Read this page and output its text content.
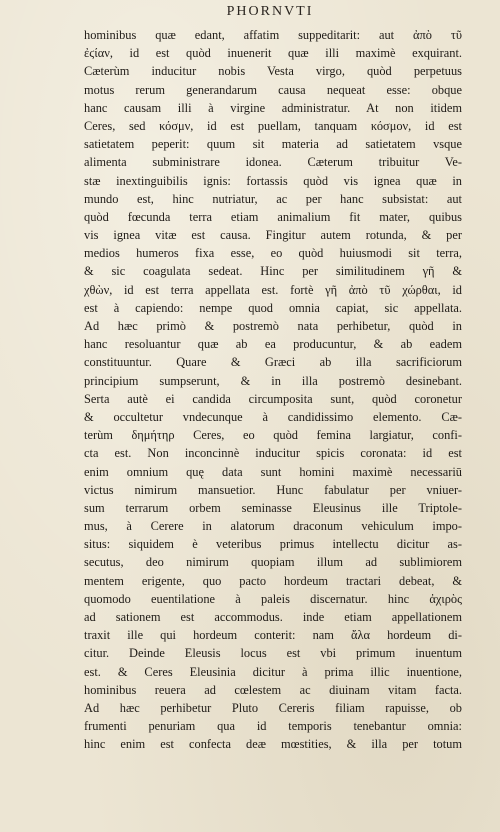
PHORNVTI
hominibus quæ edant, affatim suppeditarit: aut ἀπὸ τῦ
ἐϛίαν, id est quòd inuenerit quæ illi maximè exquirant.
Cæterùm inducitur nobis Vesta virgo, quòd perpetuus
motus rerum generandarum causa nequeat esse: obque
hanc causam illi à virgine administratur. At non itidem
Ceres, sed κόσμν, id est puellam, tanquam κόσμον, id est
satietatem peperit: quum sit materia ad satietatem vsque
alimenta subministrare idonea. Cæterum tribuitur Ve-
stæ inextinguibilis ignis: fortassis quòd vis ignea quæ in
mundo est, hinc nutriatur, ac per hanc subsistat: aut
quòd fœcunda terra etiam animalium fit mater, quibus
vis ignea vitæ est causa. Fingitur autem rotunda, & per
medios humeros fixa esse, eo quòd huiusmodi sit terra,
& sic coagulata sedeat. Hinc per similitudinem γῆ &
χθὼν, id est terra appellata est. fortè γῆ ἀπὸ τῦ χώρθαι, id
est à capiendo: nempe quod omnia capiat, sic appellata.
Ad hæc primò & postremò nata perhibetur, quòd in
hanc resoluantur quæ ab ea producuntur, & ab eadem
constituuntur. Quare & Græci ab illa sacrificiorum
principium sumpserunt, & in illa postremò desinebant.
Serta autè ei candida circumposita sunt, quòd coronetur
& occultetur vndecunque à candidissimo elemento. Cæ-
terùm δημήτηρ Ceres, eo quòd femina largiatur, confi-
cta est. Non inconcinnè inducitur spicis coronata: id est
enim omnium quę data sunt homini maximè necessariū
victus nimirum mansuetior. Hunc fabulatur per vniuer-
sum terrarum orbem seminasse Eleusinus ille Triptole-
mus, à Cerere in alatorum draconum vehiculum impo-
situs: siquidem è veteribus primus intellectu dicitur as-
secutus, deo nimirum quopiam illum ad sublimiorem
mentem erigente, quo pacto hordeum tractari debeat, &
quomodo euentilatione à paleis discernatur. hinc ἀχιρὸς
ad sationem est accommodus. inde etiam appellationem
traxit ille qui hordeum conterit: nam ἄλα hordeum di-
citur. Deinde Eleusis locus est vbi primum inuentum
est. & Ceres Eleusinia dicitur à prima illic inuentione,
hominibus reuera ad cœlestem ac diuinam vitam facta.
Ad hæc perhibetur Pluto Cereris filiam rapuisse, ob
frumenti penuriam qua id temporis tenebantur omnia:
hinc enim est confecta deæ mœstities, & illa per totum
